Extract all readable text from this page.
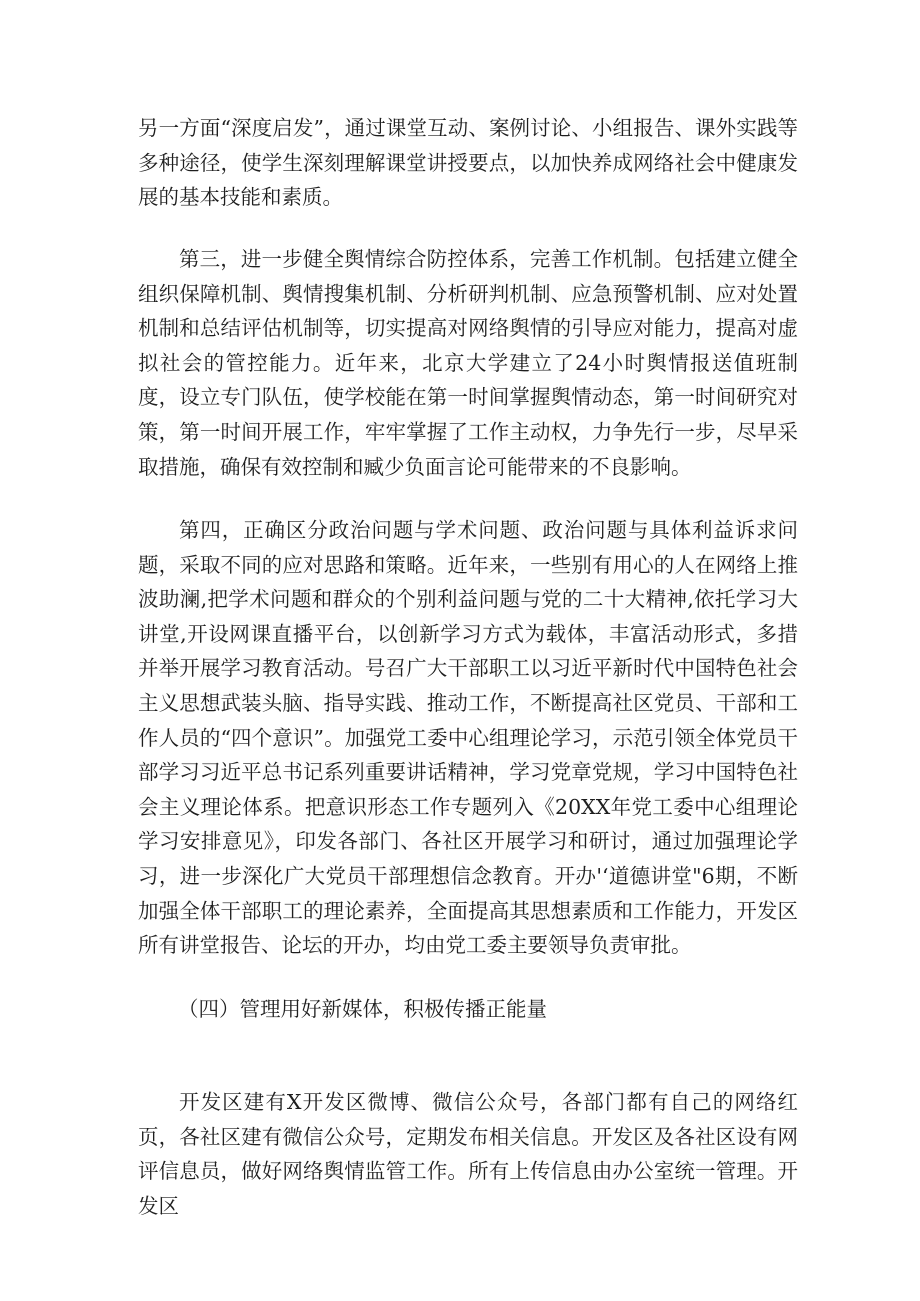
另一方面“深度启发”，通过课堂互动、案例讨论、小组报告、课外实践等多种途径，使学生深刻理解课堂讲授要点，以加快养成网络社会中健康发展的基本技能和素质。

第三，进一步健全舆情综合防控体系，完善工作机制。包括建立健全组织保障机制、舆情搜集机制、分析研判机制、应急预警机制、应对处置机制和总结评估机制等，切实提高对网络舆情的引导应对能力，提高对虚拟社会的管控能力。近年来，北京大学建立了24小时舆情报送值班制度，设立专门队伍，使学校能在第一时间掌握舆情动态，第一时间研究对策，第一时间开展工作，牢牢掌握了工作主动权，力争先行一步，尽早采取措施，确保有效控制和臧少负面言论可能带来的不良影响。

第四，正确区分政治问题与学术问题、政治问题与具体利益诉求问题，采取不同的应对思路和策略。近年来，一些别有用心的人在网络上推波助澜,把学术问题和群众的个别利益问题与党的二十大精神,依托学习大讲堂,开设网课直播平台，以创新学习方式为载体，丰富活动形式，多措并举开展学习教育活动。号召广大干部职工以习近平新时代中国特色社会主义思想武装头脑、指导实践、推动工作，不断提高社区党员、干部和工作人员的“四个意识”。加强党工委中心组理论学习，示范引领全体党员干部学习习近平总书记系列重要讲话精神，学习党章党规，学习中国特色社会主义理论体系。把意识形态工作专题列入《20XX年党工委中心组理论学习安排意见》，印发各部门、各社区开展学习和研讨，通过加强理论学习，进一步深化广大党员干部理想信念教育。开办'‘道德讲堂"6期，不断加强全体干部职工的理论素养，全面提高其思想素质和工作能力，开发区所有讲堂报告、论坛的开办，均由党工委主要领导负责审批。

（四）管理用好新媒体，积极传播正能量

开发区建有X开发区微博、微信公众号，各部门都有自己的网络红页，各社区建有微信公众号，定期发布相关信息。开发区及各社区设有网评信息员，做好网络舆情监管工作。所有上传信息由办公室统一管理。开发区
